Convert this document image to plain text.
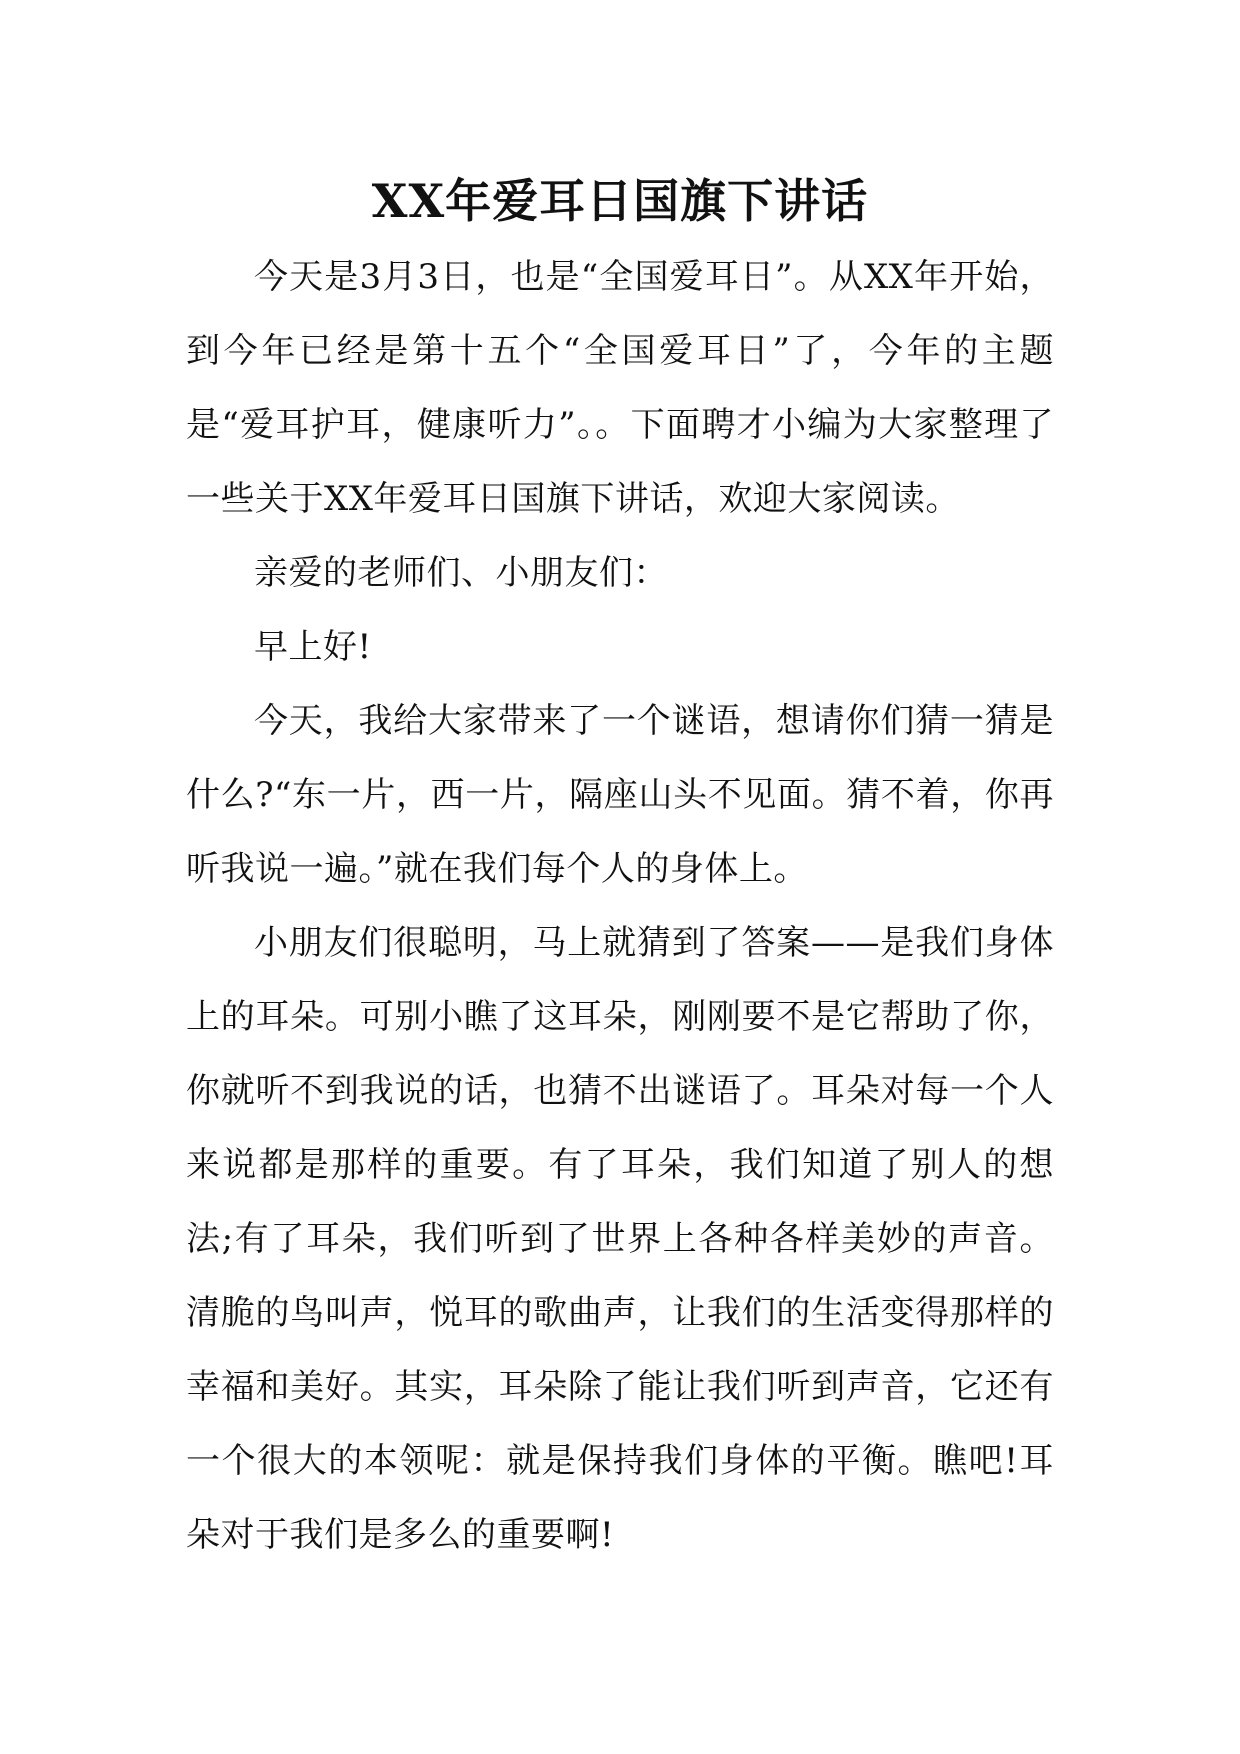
XX年爱耳日国旗下讲话

今天是3月3日，也是“全国爱耳日”。从XX年开始，到今年已经是第十五个“全国爱耳日”了，今年的主题是“爱耳护耳，健康听力”。。下面聘才小编为大家整理了一些关于XX年爱耳日国旗下讲话，欢迎大家阅读。

亲爱的老师们、小朋友们：

早上好!

今天，我给大家带来了一个谜语，想请你们猜一猜是什么?“东一片，西一片，隔座山头不见面。猜不着，你再听我说一遍。”就在我们每个人的身体上。

小朋友们很聪明，马上就猜到了答案——是我们身体上的耳朵。可别小瞧了这耳朵，刚刚要不是它帮助了你，你就听不到我说的话，也猜不出谜语了。耳朵对每一个人来说都是那样的重要。有了耳朵，我们知道了别人的想法;有了耳朵，我们听到了世界上各种各样美妙的声音。清脆的鸟叫声，悦耳的歌曲声，让我们的生活变得那样的幸福和美好。其实，耳朵除了能让我们听到声音，它还有一个很大的本领呢：就是保持我们身体的平衡。瞧吧!耳朵对于我们是多么的重要啊!
